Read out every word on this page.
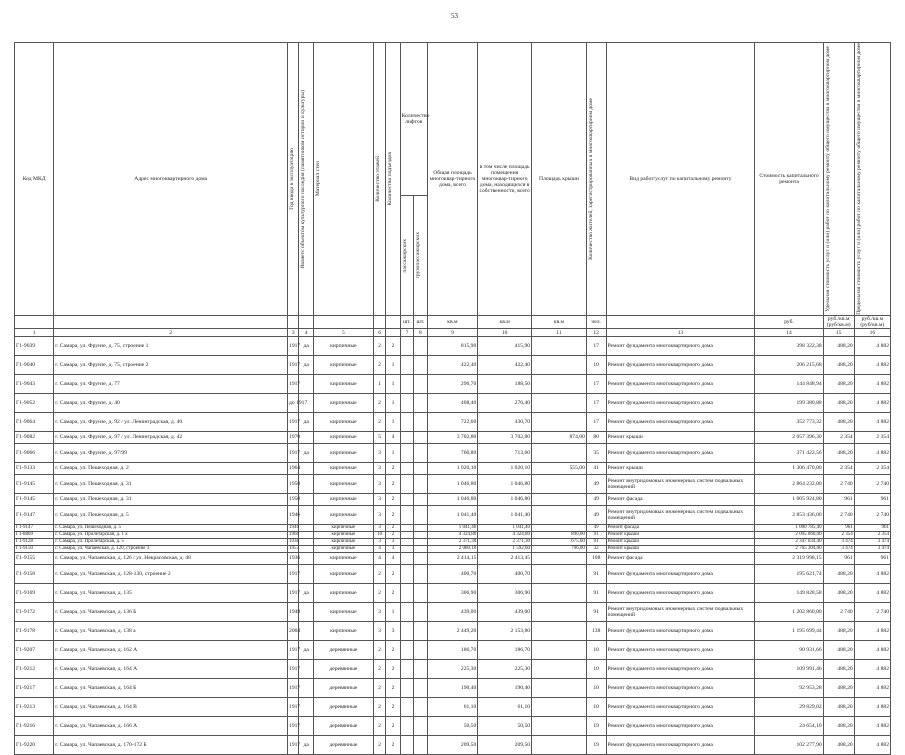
53
Код МКД	Адрес многоквартирного дома	Год ввода в эксплуатацию	Являетс объектом культурного наследия (памятником истории и культуры)	Материал стен	Количество этажей	Количество подъездов	Количество лифтов		Общая площадь многоквар-тирного дома, всего	в том числе площадь помещения многоквар-тирного дома, находящихся в собственности, всего	Площадь крыши	Количество жителей, зарегистрированных в многоквартирном доме	Вид работ/услуг по капитальному ремонту	Стоимость капитального ремонта	Удельная стоимость услуг и (или) работ по капитальному ремонту общего имущества в многоквартирном доме	Предельная стоимость услуг и (или) работ по капитальному ремонту общего имущества в многоквартирном доме

							пассажирских	грузопассажирских								

							шт.	шт.	кв.м	кв.м	кв.м	чел.		руб.	руб./кв.м (руб/кв.м)	руб./кв.м (руб/кв.м)
1	2	3	4	5	6		7	8	9	10	11	12	13	14	15	16
Г1-9039	г. Самара, ул. Фрунзе, д. 75, строение 1	1917	да	кирпичные	2	2			815,90	415,90		17	Ремонт фундамента многоквартирного дома	398 322,38	488,20	4 882
Г1-9040	г. Самара, ул. Фрунзе, д. 75, строение 2	1917	да	кирпичные	2	1			422,40	422,40		10	Ремонт фундамента многоквартирного дома	206 215,68	488,20	4 882
Г1-9043	г. Самара, ул. Фрунзе, д. 77	1917		кирпичные	1	1			296,70	188,50		17	Ремонт фундамента многоквартирного дома	144 848,94	488,20	4 882
Г1-9052	г. Самара, ул. Фрунзе, д. 40	до 1917		кирпичные	2	1			408,40	276,40		17	Ремонт фундамента многоквартирного дома	199 380,88	488,20	4 882
Г1-9064	г. Самара, ул. Фрунзе, д. 92 / ул. Ленинградская, д. 40	1917	да	кирпичные	2	1			722,60	430,70		17	Ремонт фундамента многоквартирного дома	352 773,32	488,20	4 882
Г1-9082	г. Самара, ул. Фрунзе, д. 97 / ул. Ленинградская, д. 42	1970		кирпичные	5	4			3 702,80	3 702,80	874,00	80	Ремонт крыши	2 057 396,30	2 354	2 354
Г1-9066	г. Самара, ул. Фрунзе, д. 97/99	1917	да	кирпичные	3	1			760,80	713,60		35	Ремонт фундамента многоквартирного дома	371 422,56	488,20	4 882
Г1-9133	г. Самара, ул. Пешеходная, д. 2	1964		кирпичные	3	2			1 020,10	1 020,10	555,00	41	Ремонт крыши	1 306 470,00	2 354	2 354
Г1-9145	г. Самара, ул. Пешеходная, д. 31	1950		кирпичные	3	2			1 046,80	1 046,80		49	Ремонт внутридомовых инженерных систем подвальных помещений	2 864 232,00	2 740	2 740
Г1-9145	г. Самара, ул. Пешеходная, д. 31	1950		кирпичные	3	2			1 046,80	1 046,80		49	Ремонт фасада	1 005 924,80	961	961
Г1-9147	г. Самара, ул. Пешеходная, д. 5	1946		кирпичные	3	2			1 041,40	1 041,40		49	Ремонт внутридомовых инженерных систем подвальных помещений	2 853 436,00	2 740	2 740
Г1-9147	г. Самара, ул. Пешеходная, д. 5	1946		кирпичные	3	2			1 041,40	1 041,40		49	Ремонт фасада	1 000 785,40	961	961
Г1-8869	г. Самара, ул. Пролетарская, д. 1 а	1966		кирпичные	10	2			4 324,80	4 324,80	890,00	91	Ремонт крыши	2 095 060,00	2 354	2 354
Г1-9128	г. Самара, ул. Пролетарская, д. 5	1938		кирпичные	3	3			2 371,30	2 371,30	675,60	91	Ремонт крыши	2 347 034,40	3 474	3 474
Г1-9150	г. Самара, ул. Чапаевская, д. 120, строение 3	1957		кирпичные	4	3			2 080,10	1 592,60	796,00	32	Ремонт крыши	2 765 304,00	3 474	3 474
Г1-9155	г. Самара, ул. Чапаевская, д. 126 / ул. Некрасовская, д. 48	1936		кирпичные	4	4			2 414,15	2 413,45		108	Ремонт фасада	2 319 998,15	961	961
Г1-9158	г. Самара, ул. Чапаевская, д. 128-130, строение 2	1917		кирпичные	2	2			400,70	400,70		91	Ремонт фундамента многоквартирного дома	195 621,74	488,20	4 882
Г1-9169	г. Самара, ул. Чапаевская, д. 135	1917	да	кирпичные	2	2			306,90	306,90		91	Ремонт фундамента многоквартирного дома	149 828,58	488,20	4 882
Г1-9172	г. Самара, ул. Чапаевская, д. 136 Б	1949		кирпичные	3	1			439,00	439,00		91	Ремонт внутридомовых инженерных систем подвальных помещений	1 202 860,00	2 740	2 740
Г1-9178	г. Самара, ул. Чапаевская, д. 138 а	2004		кирпичные	3	3			2 449,20	2 153,80		138	Ремонт фундамента многоквартирного дома	1 195 699,44	488,20	4 882
Г1-9207	г. Самара, ул. Чапаевская, д. 162 А	1917	да	деревянные	2	2			186,70	186,70		10	Ремонт фундамента многоквартирного дома	90 931,66	488,20	4 882
Г1-9212	г. Самара, ул. Чапаевская, д. 164 А	1917		деревянные	2	2			225,30	225,30		10	Ремонт фундамента многоквартирного дома	109 991,46	488,20	4 882
Г1-9217	г. Самара, ул. Чапаевская, д. 164 Б	1917		деревянные	2	2			190,40	190,40		10	Ремонт фундамента многоквартирного дома	92 953,28	488,20	4 882
Г1-9213	г. Самара, ул. Чапаевская, д. 164 В	1917		деревянные	2	2			61,10	61,10		10	Ремонт фундамента многоквартирного дома	29 829,02	488,20	4 882
Г1-9216	г. Самара, ул. Чапаевская, д. 166 А	1917		деревянные	2	2			50,50	50,50		19	Ремонт фундамента многоквартирного дома	24 654,10	488,20	4 882
Г1-9220	г. Самара, ул. Чапаевская, д. 170-172 Б	1917	да	деревянные	2	2			209,50	209,50		19	Ремонт фундамента многоквартирного дома	102 277,90	488,20	4 882
